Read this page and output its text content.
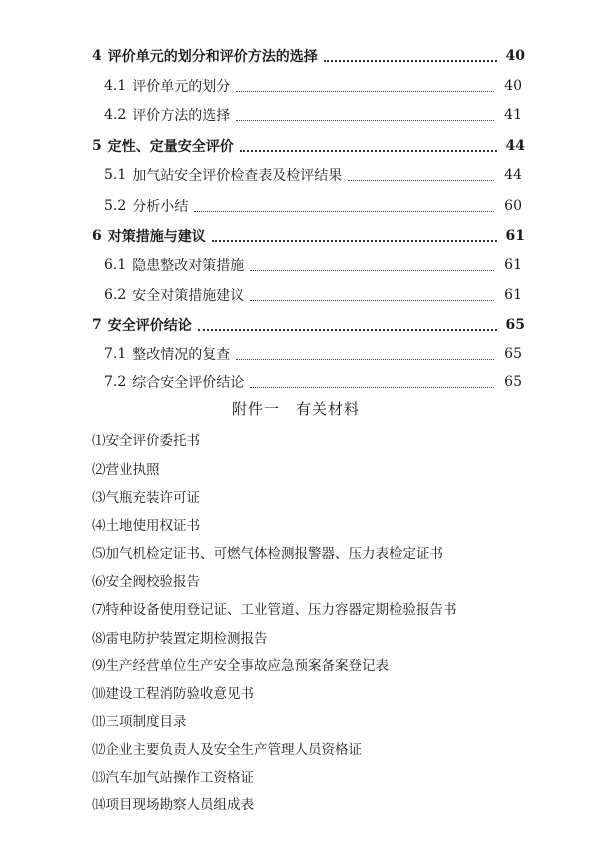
4 评价单元的划分和评价方法的选择	40
4.1 评价单元的划分	40
4.2 评价方法的选择	41
5 定性、定量安全评价	44
5.1 加气站安全评价检查表及检评结果	44
5.2 分析小结	60
6 对策措施与建议	61
6.1 隐患整改对策措施	61
6.2 安全对策措施建议	61
7 安全评价结论	65
7.1 整改情况的复查	65
7.2 综合安全评价结论	65
附件一　有关材料
⑴安全评价委托书
⑵营业执照
⑶气瓶充装许可证
⑷土地使用权证书
⑸加气机检定证书、可燃气体检测报警器、压力表检定证书
⑹安全阀校验报告
⑺特种设备使用登记证、工业管道、压力容器定期检验报告书
⑻雷电防护装置定期检测报告
⑼生产经营单位生产安全事故应急预案备案登记表
⑽建设工程消防验收意见书
⑾三项制度目录
⑿企业主要负责人及安全生产管理人员资格证
⒀汽车加气站操作工资格证
⒁项目现场勘察人员组成表
